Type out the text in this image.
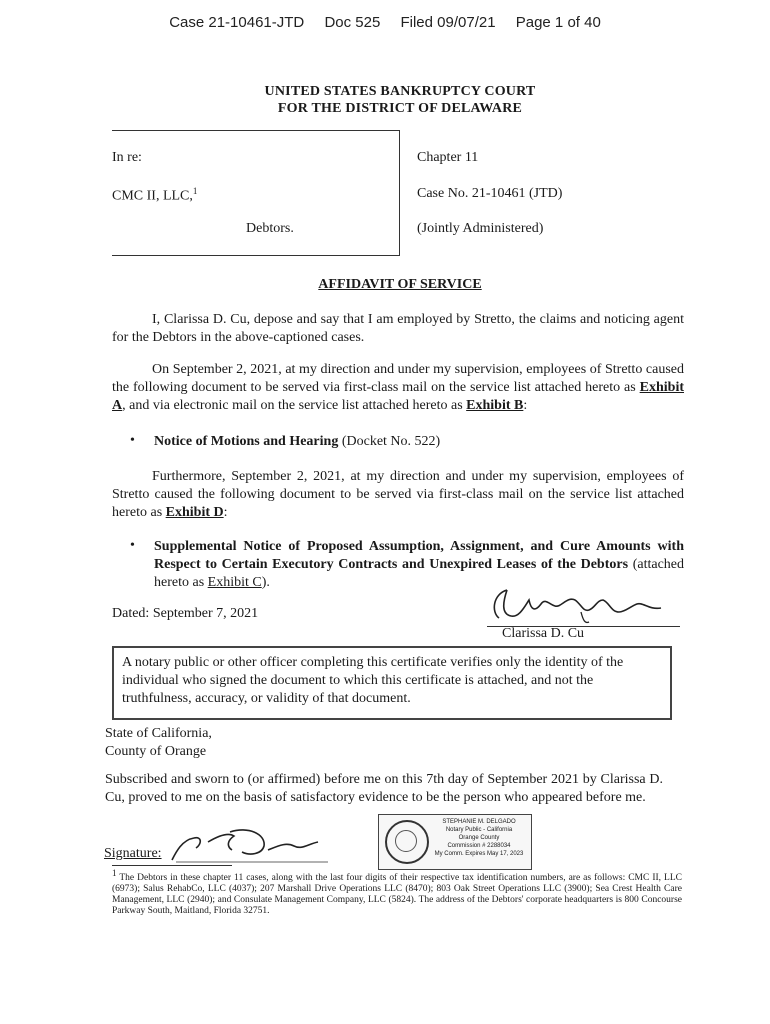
Case 21-10461-JTD Doc 525 Filed 09/07/21 Page 1 of 40
UNITED STATES BANKRUPTCY COURT
FOR THE DISTRICT OF DELAWARE
In re:
CMC II, LLC,$^1$
Debtors.
Chapter 11
Case No. 21-10461 (JTD)
(Jointly Administered)
AFFIDAVIT OF SERVICE
I, Clarissa D. Cu, depose and say that I am employed by Stretto, the claims and noticing agent for the Debtors in the above-captioned cases.
On September 2, 2021, at my direction and under my supervision, employees of Stretto caused the following document to be served via first-class mail on the service list attached hereto as Exhibit A, and via electronic mail on the service list attached hereto as Exhibit B:
• Notice of Motions and Hearing (Docket No. 522)
Furthermore, September 2, 2021, at my direction and under my supervision, employees of Stretto caused the following document to be served via first-class mail on the service list attached hereto as Exhibit D:
• Supplemental Notice of Proposed Assumption, Assignment, and Cure Amounts with Respect to Certain Executory Contracts and Unexpired Leases of the Debtors (attached hereto as Exhibit C).
Dated: September 7, 2021
Clarissa D. Cu
A notary public or other officer completing this certificate verifies only the identity of the individual who signed the document to which this certificate is attached, and not the truthfulness, accuracy, or validity of that document.
State of California,
County of Orange
Subscribed and sworn to (or affirmed) before me on this 7th day of September 2021 by Clarissa D. Cu, proved to me on the basis of satisfactory evidence to be the person who appeared before me.
Signature:
STEPHANIE M. DELGADO
Notary Public - California
Orange County
Commission # 2288034
My Comm. Expires May 17, 2023
$^1$ The Debtors in these chapter 11 cases, along with the last four digits of their respective tax identification numbers, are as follows: CMC II, LLC (6973); Salus RehabCo, LLC (4037); 207 Marshall Drive Operations LLC (8470); 803 Oak Street Operations LLC (3900); Sea Crest Health Care Management, LLC (2940); and Consulate Management Company, LLC (5824). The address of the Debtors' corporate headquarters is 800 Concourse Parkway South, Maitland, Florida 32751.
